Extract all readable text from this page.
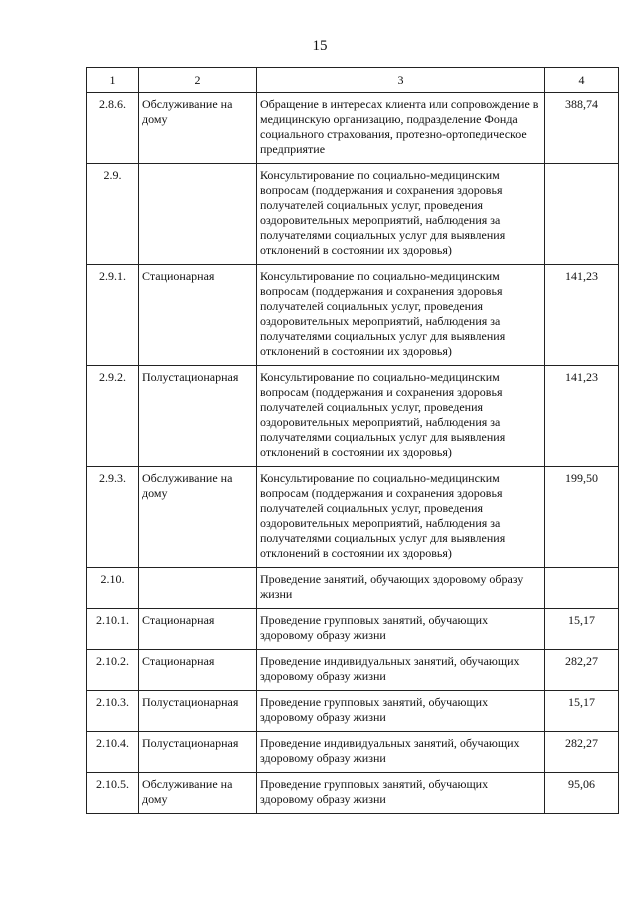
15
1	2	3	4
2.8.6.	Обслуживание на дому	Обращение в интересах клиента или сопровождение в медицинскую организацию, подразделение Фонда социального страхования, протезно-ортопедическое предприятие	388,74
2.9.		Консультирование по социально-медицинским вопросам (поддержания и сохранения здоровья получателей социальных услуг, проведения оздоровительных мероприятий, наблюдения за получателями социальных услуг для выявления отклонений в состоянии их здоровья)	
2.9.1.	Стационарная	Консультирование по социально-медицинским вопросам (поддержания и сохранения здоровья получателей социальных услуг, проведения оздоровительных мероприятий, наблюдения за получателями социальных услуг для выявления отклонений в состоянии их здоровья)	141,23
2.9.2.	Полустационарная	Консультирование по социально-медицинским вопросам (поддержания и сохранения здоровья получателей социальных услуг, проведения оздоровительных мероприятий, наблюдения за получателями социальных услуг для выявления отклонений в состоянии их здоровья)	141,23
2.9.3.	Обслуживание на дому	Консультирование по социально-медицинским вопросам (поддержания и сохранения здоровья получателей социальных услуг, проведения оздоровительных мероприятий, наблюдения за получателями социальных услуг для выявления отклонений в состоянии их здоровья)	199,50
2.10.		Проведение занятий, обучающих здоровому образу жизни	
2.10.1.	Стационарная	Проведение групповых занятий, обучающих здоровому образу жизни	15,17
2.10.2.	Стационарная	Проведение индивидуальных занятий, обучающих здоровому образу жизни	282,27
2.10.3.	Полустационарная	Проведение групповых занятий, обучающих здоровому образу жизни	15,17
2.10.4.	Полустационарная	Проведение индивидуальных занятий, обучающих здоровому образу жизни	282,27
2.10.5.	Обслуживание на дому	Проведение групповых занятий, обучающих здоровому образу жизни	95,06
